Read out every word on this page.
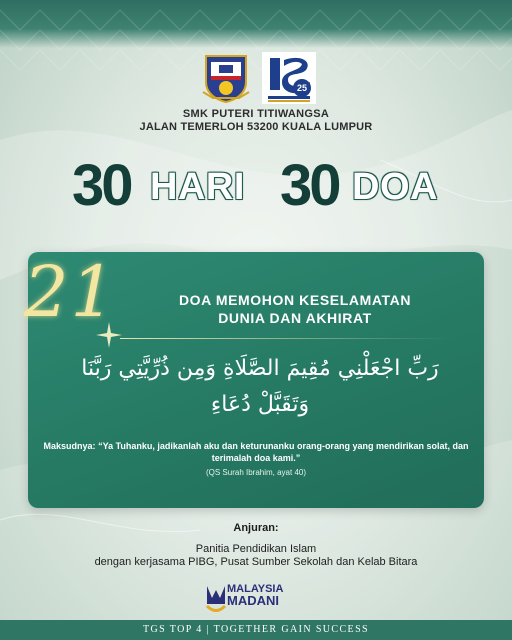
25
SMK PUTERI TITIWANGSA
JALAN TEMERLOH 53200 KUALA LUMPUR
30 HARI 30 DOA
21	DOA MEMOHON KESELAMATAN
DUNIA DAN AKHIRAT
رَبِّ اجْعَلْنِي مُقِيمَ الصَّلَاةِ وَمِن ذُرِّيَّتِي رَبَّنَا
وَتَقَبَّلْ دُعَاءِ
Maksudnya: “Ya Tuhanku, jadikanlah aku dan keturunanku orang-orang yang mendirikan solat, dan terimalah doa kami.”
(QS Surah Ibrahim, ayat 40)
Anjuran:
Panitia Pendidikan Islam
dengan kerjasama PIBG, Pusat Sumber Sekolah dan Kelab Bitara
MALAYSIA
MADANI
TGS TOP 4 | TOGETHER GAIN SUCCESS
